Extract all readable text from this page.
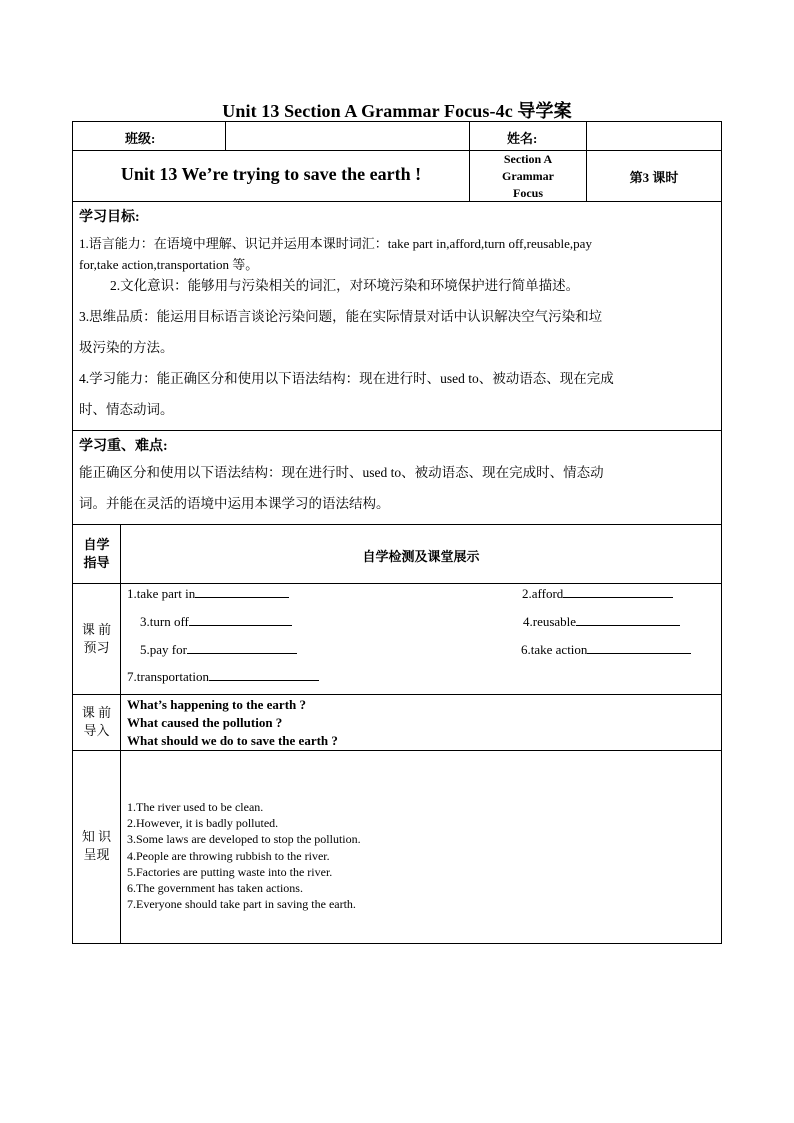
Unit 13 Section A Grammar Focus-4c 导学案
班级:	姓名:
Unit 13 We’re trying to save the earth !
Section A
Grammar
Focus
第3 课时
学习目标:
1.语言能力：在语境中理解、识记并运用本课时词汇：take part in,afford,turn off,reusable,pay
for,take action,transportation 等。
2.文化意识：能够用与污染相关的词汇，对环境污染和环境保护进行简单描述。
3.思维品质：能运用目标语言谈论污染问题，能在实际情景对话中认识解决空气污染和垃
圾污染的方法。
4.学习能力：能正确区分和使用以下语法结构：现在进行时、used to、被动语态、现在完成
时、情态动词。
学习重、难点:
能正确区分和使用以下语法结构：现在进行时、used to、被动语态、现在完成时、情态动
词。并能在灵活的语境中运用本课学习的语法结构。
自学
指导	自学检测及课堂展示
课 前
预习
1.take part in	2.afford
3.turn off	4.reusable
5.pay for	6.take action
7.transportation
课 前
导入
What’s happening to the earth ?
What caused the pollution ?
What should we do to save the earth ?
知 识
呈现
1.The river used to be clean.
2.However, it is badly polluted.
3.Some laws are developed to stop the pollution.
4.People are throwing rubbish to the river.
5.Factories are putting waste into the river.
6.The government has taken actions.
7.Everyone should take part in saving the earth.
